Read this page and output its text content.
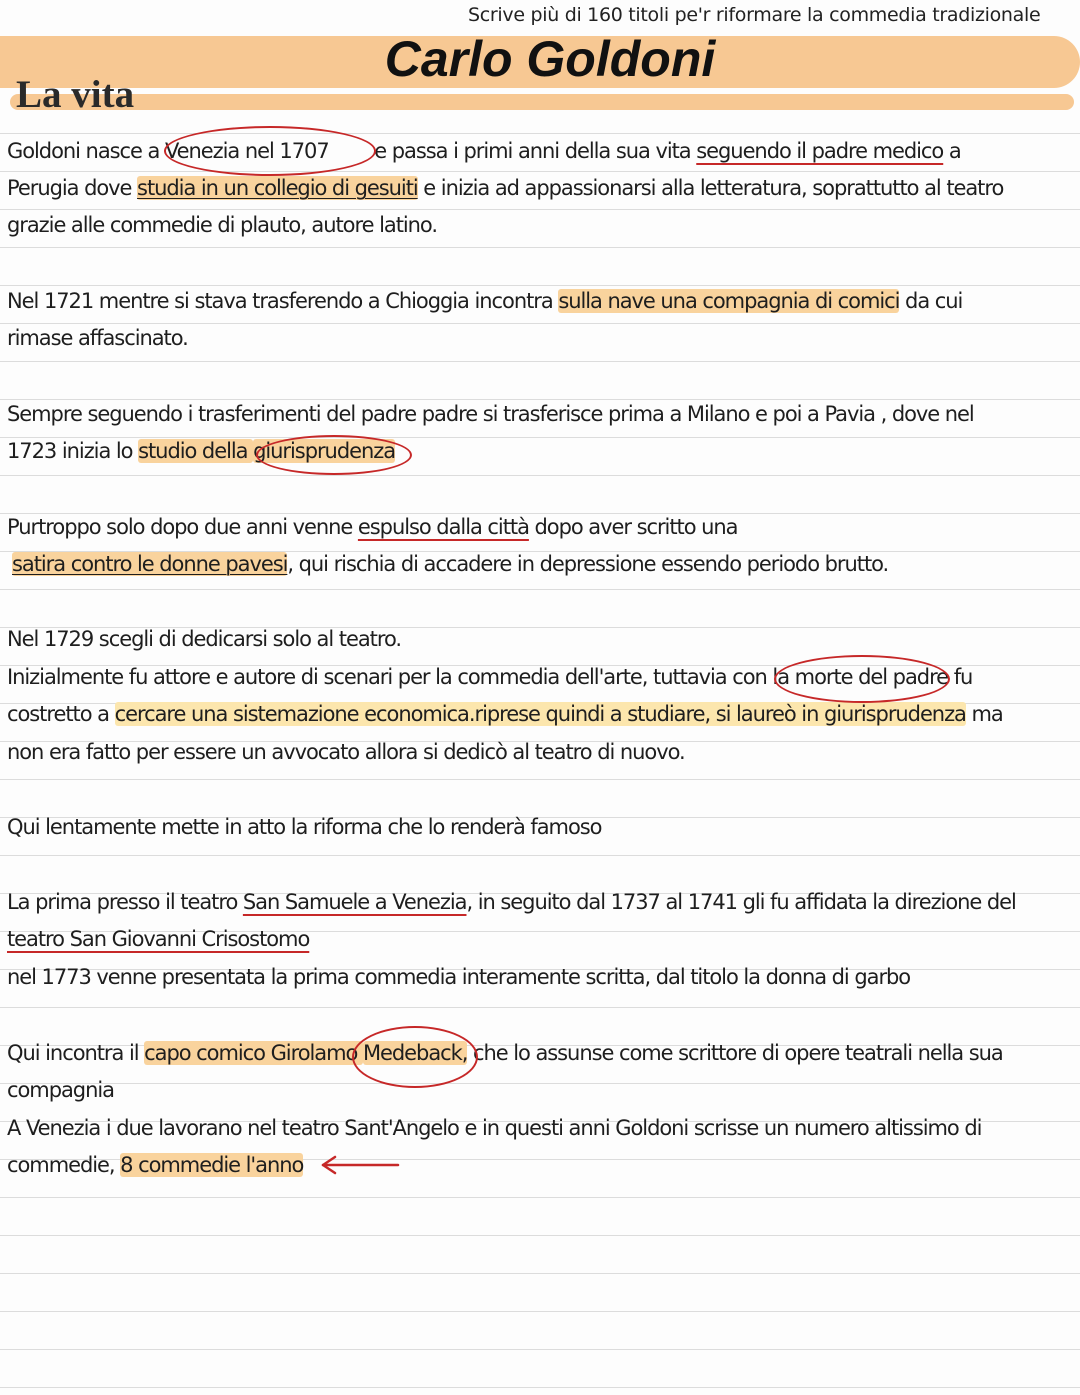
Scrive più di 160 titoli pe'r riformare la commedia tradizionale
Carlo Goldoni
La vita
Goldoni nasce a Venezia nel 1707 e passa i primi anni della sua vita seguendo il padre medico a
Perugia dove studia in un collegio di gesuiti e inizia ad appassionarsi alla letteratura, soprattutto al teatro
grazie alle commedie di plauto, autore latino.
Nel 1721 mentre si stava trasferendo a Chioggia incontra sulla nave una compagnia di comici da cui
rimase affascinato.
Sempre seguendo i trasferimenti del padre padre si trasferisce prima a Milano e poi a Pavia , dove nel
1723 inizia lo studio della giurisprudenza
Purtroppo solo dopo due anni venne espulso dalla città dopo aver scritto una
satira contro le donne pavesi, qui rischia di accadere in depressione essendo periodo brutto.
Nel 1729 scegli di dedicarsi solo al teatro.
Inizialmente fu attore e autore di scenari per la commedia dell'arte, tuttavia con la morte del padre fu
costretto a cercare una sistemazione economica.riprese quindi a studiare, si laureò in giurisprudenza ma
non era fatto per essere un avvocato allora si dedicò al teatro di nuovo.
Qui lentamente mette in atto la riforma che lo renderà famoso
La prima presso il teatro San Samuele a Venezia, in seguito dal 1737 al 1741 gli fu affidata la direzione del
teatro San Giovanni Crisostomo
nel 1773 venne presentata la prima commedia interamente scritta, dal titolo la donna di garbo
Qui incontra il capo comico Girolamo Medeback, che lo assunse come scrittore di opere teatrali nella sua
compagnia
A Venezia i due lavorano nel teatro Sant'Angelo e in questi anni Goldoni scrisse un numero altissimo di
commedie, 8 commedie l'anno
